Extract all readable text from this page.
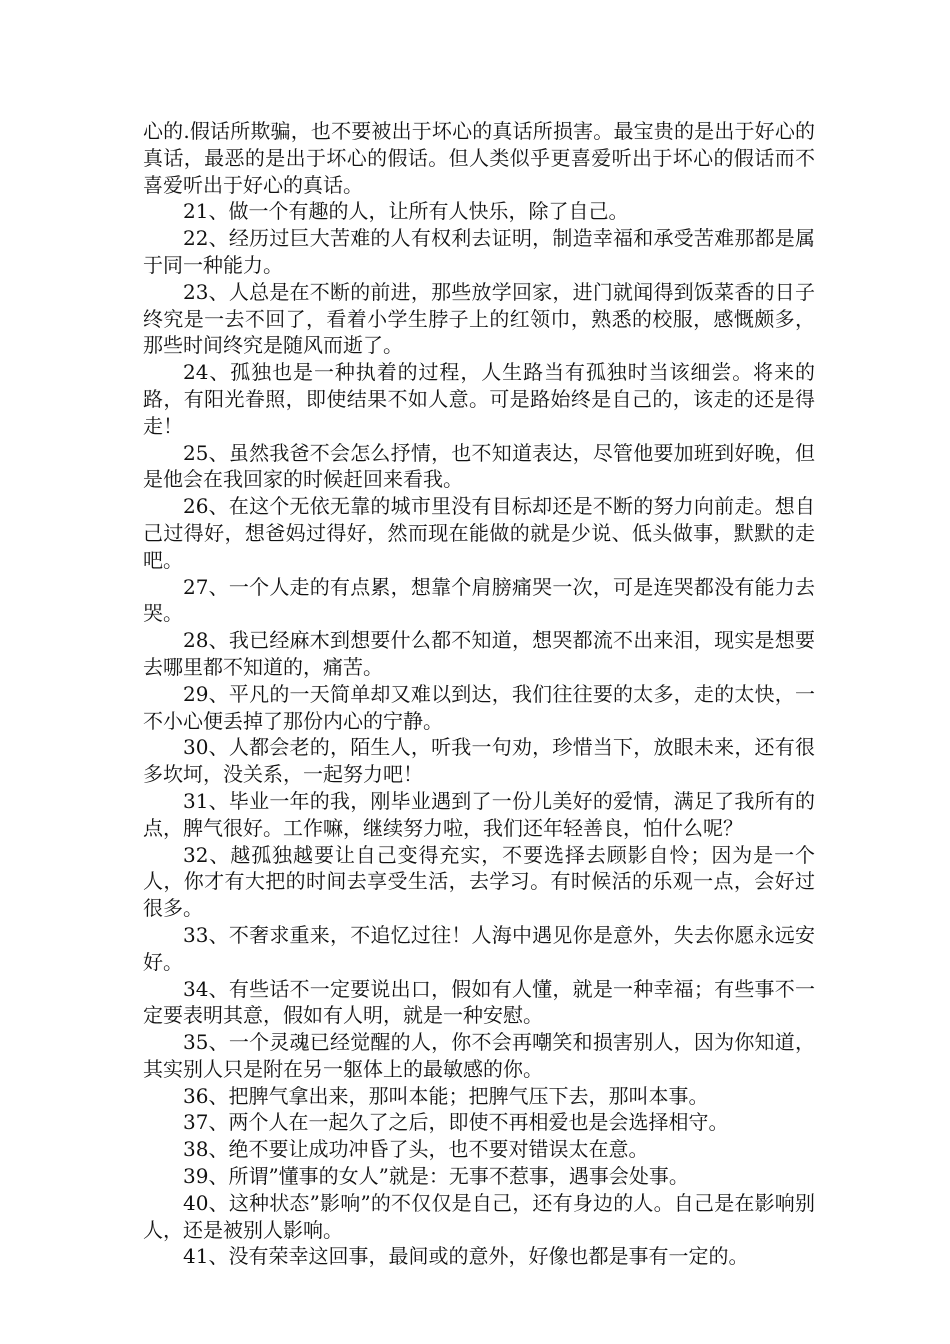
心的.假话所欺骗，也不要被出于坏心的真话所损害。最宝贵的是出于好心的真话，最恶的是出于坏心的假话。但人类似乎更喜爱听出于坏心的假话而不喜爱听出于好心的真话。

21、做一个有趣的人，让所有人快乐，除了自己。

22、经历过巨大苦难的人有权利去证明，制造幸福和承受苦难那都是属于同一种能力。

23、人总是在不断的前进，那些放学回家，进门就闻得到饭菜香的日子终究是一去不回了，看着小学生脖子上的红领巾，熟悉的校服，感慨颇多，那些时间终究是随风而逝了。

24、孤独也是一种执着的过程，人生路当有孤独时当该细尝。将来的路，有阳光眷照，即使结果不如人意。可是路始终是自己的，该走的还是得走！

25、虽然我爸不会怎么抒情，也不知道表达，尽管他要加班到好晚，但是他会在我回家的时候赶回来看我。

26、在这个无依无靠的城市里没有目标却还是不断的努力向前走。想自己过得好，想爸妈过得好，然而现在能做的就是少说、低头做事，默默的走吧。

27、一个人走的有点累，想靠个肩膀痛哭一次，可是连哭都没有能力去哭。

28、我已经麻木到想要什么都不知道，想哭都流不出来泪，现实是想要去哪里都不知道的，痛苦。

29、平凡的一天简单却又难以到达，我们往往要的太多，走的太快，一不小心便丢掉了那份内心的宁静。

30、人都会老的，陌生人，听我一句劝，珍惜当下，放眼未来，还有很多坎坷，没关系，一起努力吧！

31、毕业一年的我，刚毕业遇到了一份儿美好的爱情，满足了我所有的点，脾气很好。工作嘛，继续努力啦，我们还年轻善良，怕什么呢？

32、越孤独越要让自己变得充实，不要选择去顾影自怜；因为是一个人，你才有大把的时间去享受生活，去学习。有时候活的乐观一点，会好过很多。

33、不奢求重来，不追忆过往！人海中遇见你是意外，失去你愿永远安好。

34、有些话不一定要说出口，假如有人懂，就是一种幸福；有些事不一定要表明其意，假如有人明，就是一种安慰。

35、一个灵魂已经觉醒的人，你不会再嘲笑和损害别人，因为你知道，其实别人只是附在另一躯体上的最敏感的你。

36、把脾气拿出来，那叫本能；把脾气压下去，那叫本事。

37、两个人在一起久了之后，即使不再相爱也是会选择相守。

38、绝不要让成功冲昏了头，也不要对错误太在意。

39、所谓”懂事的女人”就是：无事不惹事，遇事会处事。

40、这种状态”影响”的不仅仅是自己，还有身边的人。自己是在影响别人，还是被别人影响。

41、没有荣幸这回事，最间或的意外，好像也都是事有一定的。
